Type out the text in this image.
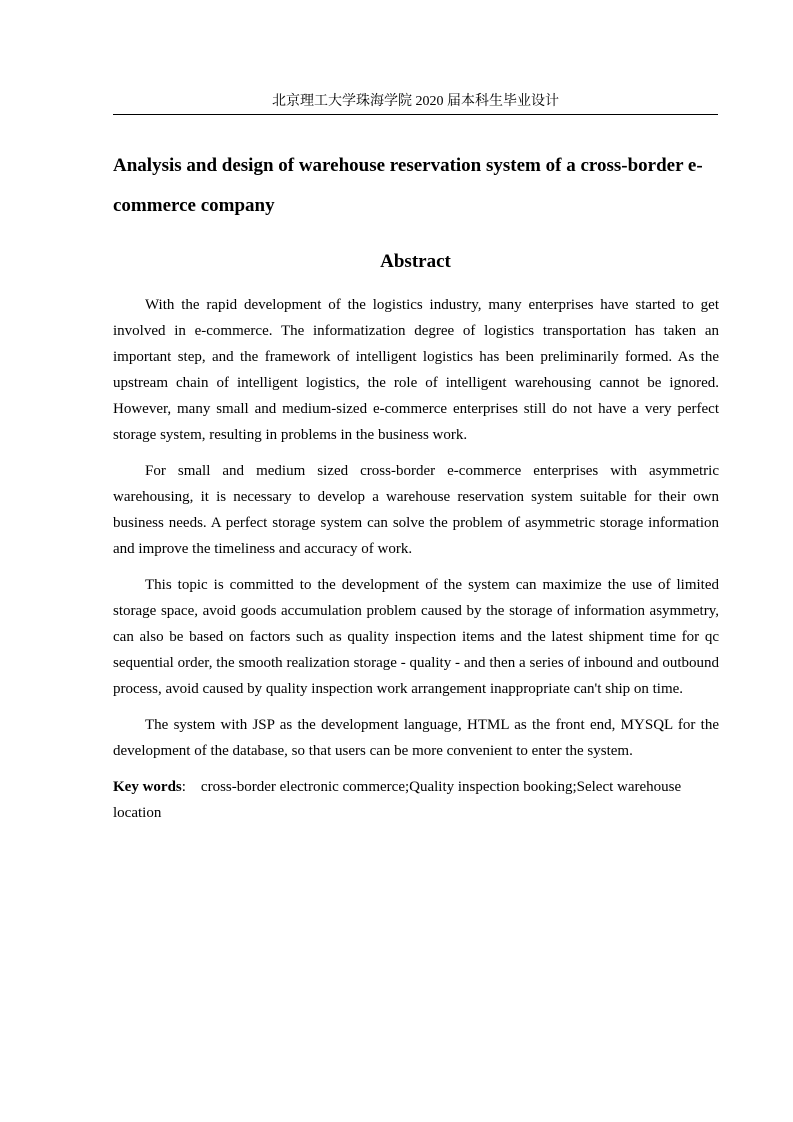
北京理工大学珠海学院 2020 届本科生毕业设计
Analysis and design of warehouse reservation system of a cross-border e-commerce company
Abstract

With the rapid development of the logistics industry, many enterprises have started to get involved in e-commerce. The informatization degree of logistics transportation has taken an important step, and the framework of intelligent logistics has been preliminarily formed. As the upstream chain of intelligent logistics, the role of intelligent warehousing cannot be ignored. However, many small and medium-sized e-commerce enterprises still do not have a very perfect storage system, resulting in problems in the business work.

For small and medium sized cross-border e-commerce enterprises with asymmetric warehousing, it is necessary to develop a warehouse reservation system suitable for their own business needs. A perfect storage system can solve the problem of asymmetric storage information and improve the timeliness and accuracy of work.

This topic is committed to the development of the system can maximize the use of limited storage space, avoid goods accumulation problem caused by the storage of information asymmetry, can also be based on factors such as quality inspection items and the latest shipment time for qc sequential order, the smooth realization storage - quality - and then a series of inbound and outbound process, avoid caused by quality inspection work arrangement inappropriate can't ship on time.

The system with JSP as the development language, HTML as the front end, MYSQL for the development of the database, so that users can be more convenient to enter the system.

Key words: cross-border electronic commerce;Quality inspection booking;Select warehouse location
